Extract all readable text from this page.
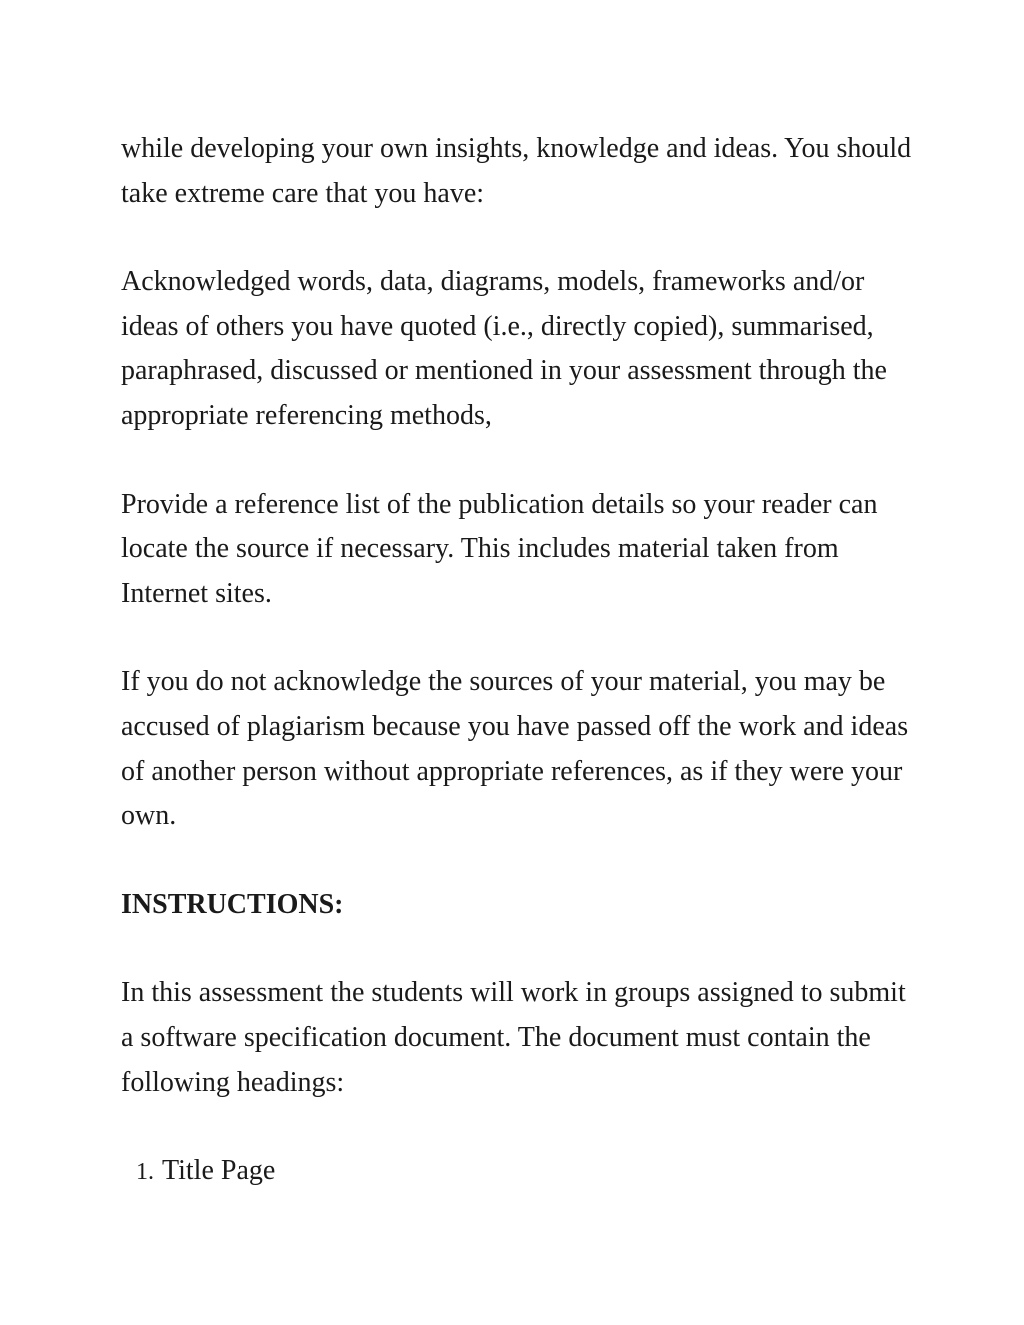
while developing your own insights, knowledge and ideas. You should take extreme care that you have:

Acknowledged words, data, diagrams, models, frameworks and/or ideas of others you have quoted (i.e., directly copied), summarised, paraphrased, discussed or mentioned in your assessment through the appropriate referencing methods,

Provide a reference list of the publication details so your reader can locate the source if necessary. This includes material taken from Internet sites.

If you do not acknowledge the sources of your material, you may be accused of plagiarism because you have passed off the work and ideas of another person without appropriate references, as if they were your own.

INSTRUCTIONS:

In this assessment the students will work in groups assigned to submit a software specification document. The document must contain the following headings:

1. Title Page
